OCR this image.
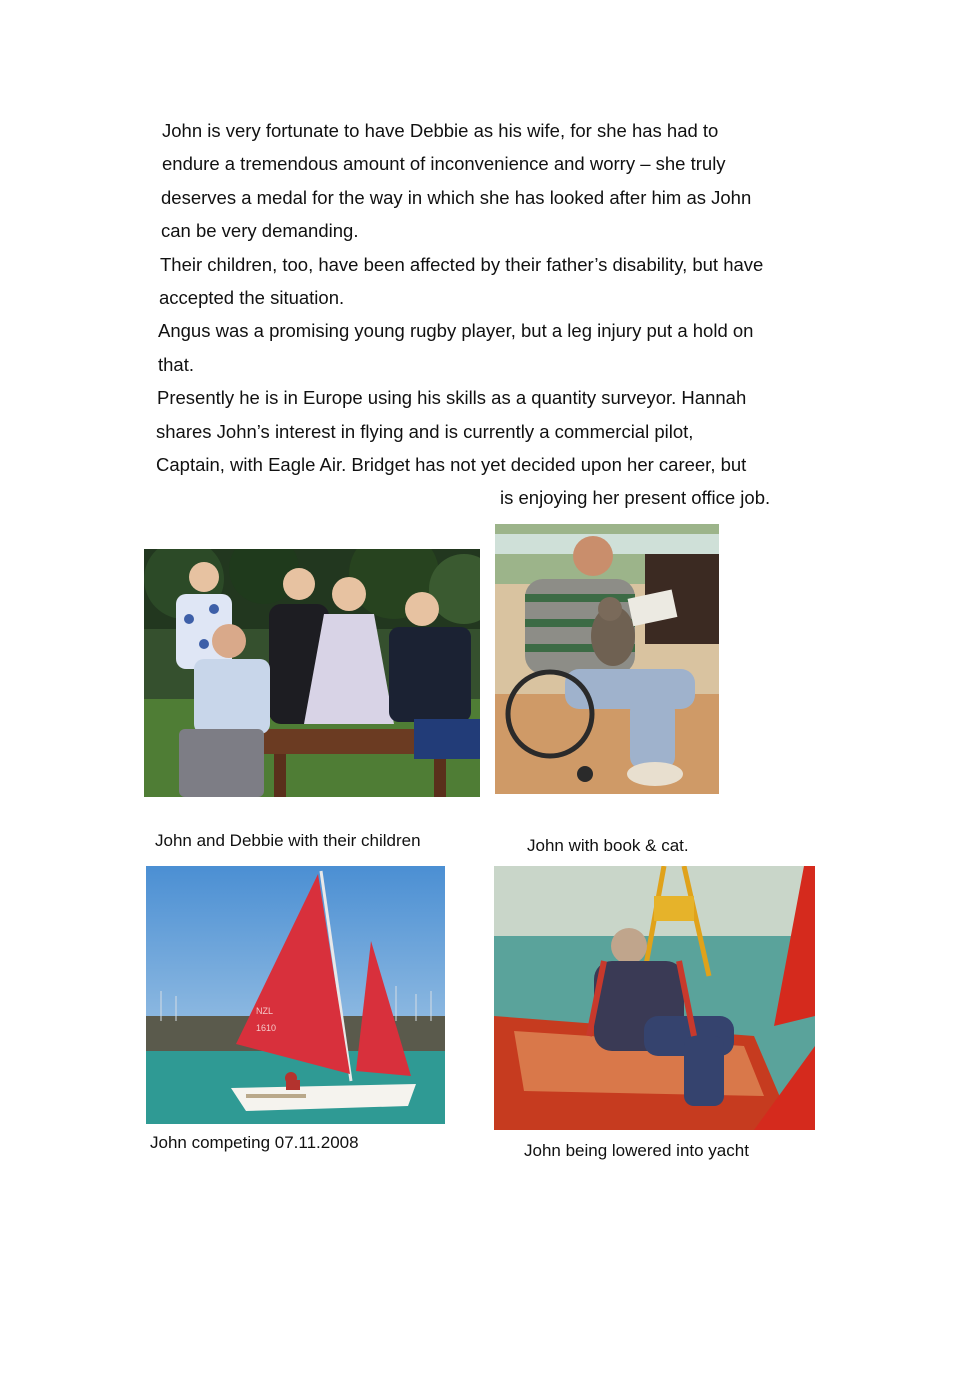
John is very fortunate to have Debbie as his wife, for she has had to

endure a tremendous amount of inconvenience and worry – she truly

deserves a medal for the way in which she has looked after him as John

can be very demanding.

Their children, too, have been affected by their father’s disability, but have

accepted the situation.

Angus was a promising young rugby player, but a leg injury put a hold on

that.

Presently he is in Europe using his skills as a quantity surveyor. Hannah

shares John’s interest in flying and is currently a commercial pilot,

Captain, with Eagle Air. Bridget has not yet decided upon her career, but

is enjoying her present office job.

NZL
1610
John and Debbie with their children	John with book & cat.
John competing 07.11.2008	John being lowered into yacht
